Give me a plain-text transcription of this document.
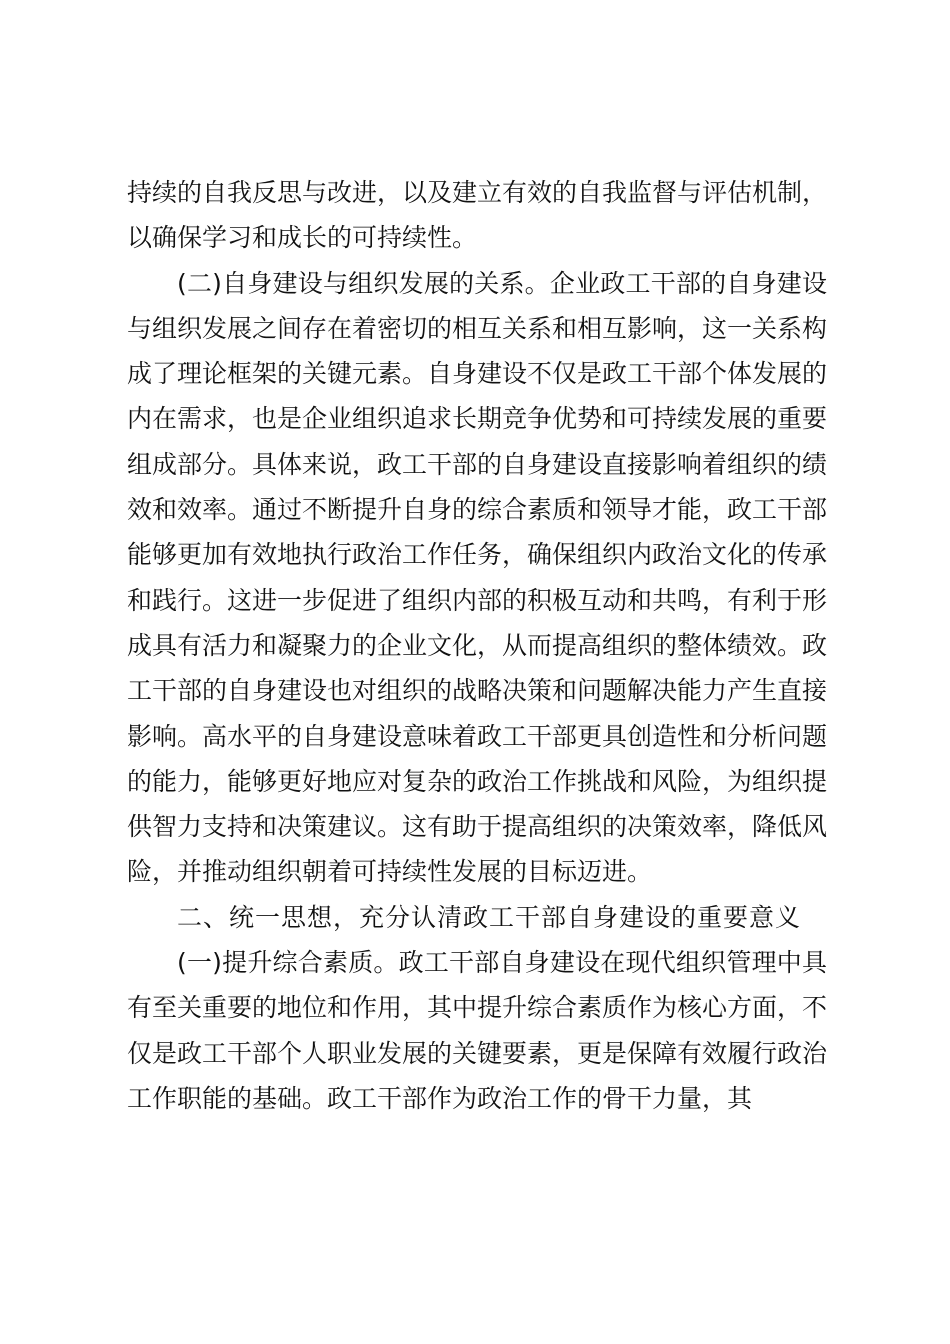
持续的自我反思与改进，以及建立有效的自我监督与评估机制，以确保学习和成长的可持续性。

(二)自身建设与组织发展的关系。企业政工干部的自身建设与组织发展之间存在着密切的相互关系和相互影响，这一关系构成了理论框架的关键元素。自身建设不仅是政工干部个体发展的内在需求，也是企业组织追求长期竞争优势和可持续发展的重要组成部分。具体来说，政工干部的自身建设直接影响着组织的绩效和效率。通过不断提升自身的综合素质和领导才能，政工干部能够更加有效地执行政治工作任务，确保组织内政治文化的传承和践行。这进一步促进了组织内部的积极互动和共鸣，有利于形成具有活力和凝聚力的企业文化，从而提高组织的整体绩效。政工干部的自身建设也对组织的战略决策和问题解决能力产生直接影响。高水平的自身建设意味着政工干部更具创造性和分析问题的能力，能够更好地应对复杂的政治工作挑战和风险，为组织提供智力支持和决策建议。这有助于提高组织的决策效率，降低风险，并推动组织朝着可持续性发展的目标迈进。

二、统一思想，充分认清政工干部自身建设的重要意义

(一)提升综合素质。政工干部自身建设在现代组织管理中具有至关重要的地位和作用，其中提升综合素质作为核心方面，不仅是政工干部个人职业发展的关键要素，更是保障有效履行政治工作职能的基础。政工干部作为政治工作的骨干力量，其
